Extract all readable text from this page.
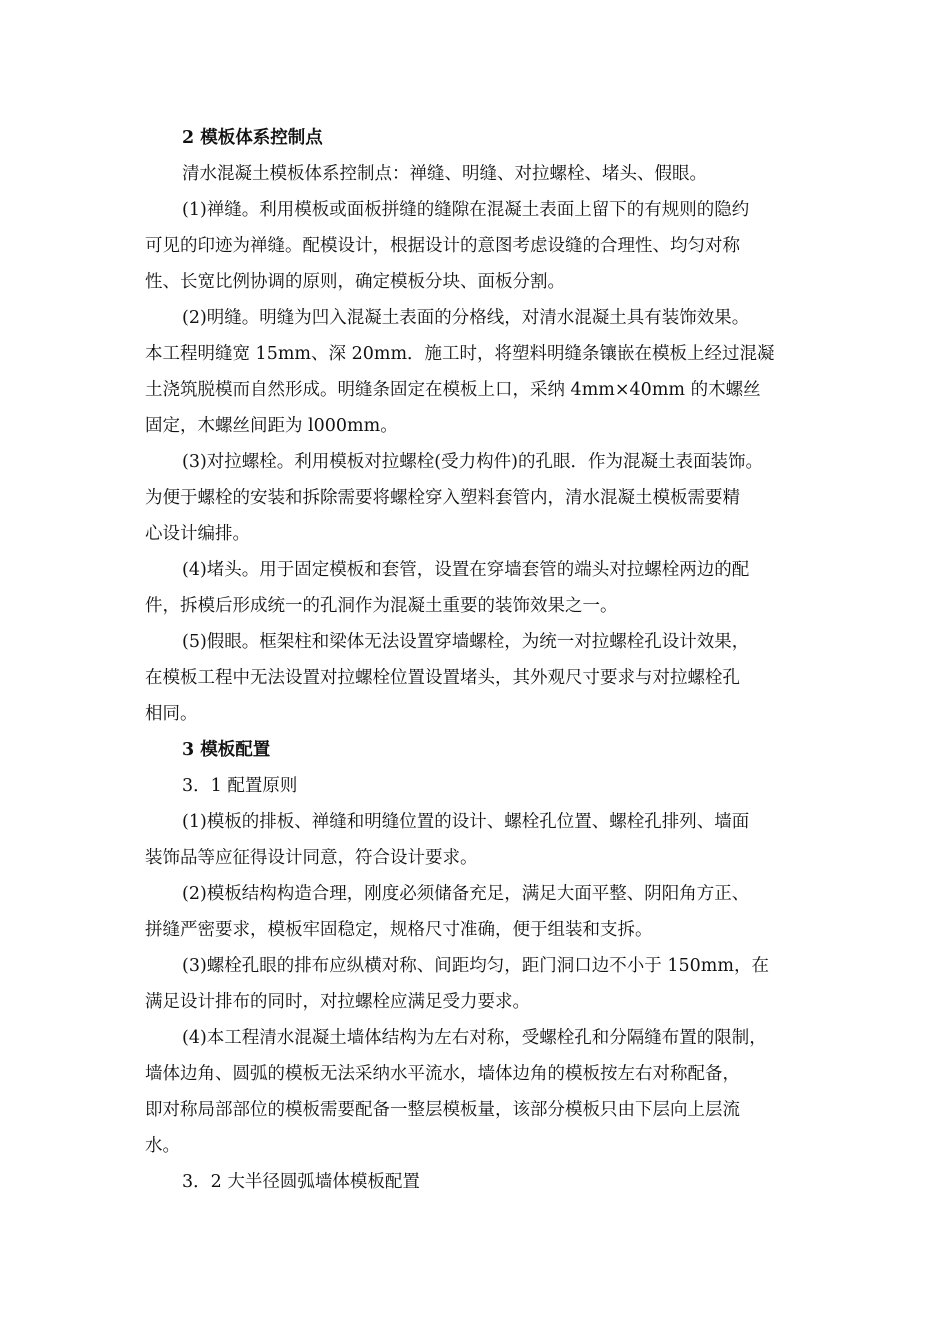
2 模板体系控制点
清水混凝土模板体系控制点：禅缝、明缝、对拉螺栓、堵头、假眼。
(1)禅缝。利用模板或面板拼缝的缝隙在混凝土表面上留下的有规则的隐约
可见的印迹为禅缝。配模设计，根据设计的意图考虑设缝的合理性、均匀对称
性、长宽比例协调的原则，确定模板分块、面板分割。
(2)明缝。明缝为凹入混凝土表面的分格线，对清水混凝土具有装饰效果。
本工程明缝宽 15mm、深 20mm．施工时，将塑料明缝条镶嵌在模板上经过混凝
土浇筑脱模而自然形成。明缝条固定在模板上口，采纳 4mm×40mm 的木螺丝
固定，木螺丝间距为 l000mm。
(3)对拉螺栓。利用模板对拉螺栓(受力构件)的孔眼．作为混凝土表面装饰。
为便于螺栓的安装和拆除需要将螺栓穿入塑料套管内，清水混凝土模板需要精
心设计编排。
(4)堵头。用于固定模板和套管，设置在穿墙套管的端头对拉螺栓两边的配
件，拆模后形成统一的孔洞作为混凝土重要的装饰效果之一。
(5)假眼。框架柱和梁体无法设置穿墙螺栓，为统一对拉螺栓孔设计效果，
在模板工程中无法设置对拉螺栓位置设置堵头，其外观尺寸要求与对拉螺栓孔
相同。
3 模板配置
3．1 配置原则
(1)模板的排板、禅缝和明缝位置的设计、螺栓孔位置、螺栓孔排列、墙面
装饰品等应征得设计同意，符合设计要求。
(2)模板结构构造合理，刚度必须储备充足，满足大面平整、阴阳角方正、
拼缝严密要求，模板牢固稳定，规格尺寸准确，便于组装和支拆。
(3)螺栓孔眼的排布应纵横对称、间距均匀，距门洞口边不小于 150mm，在
满足设计排布的同时，对拉螺栓应满足受力要求。
(4)本工程清水混凝土墙体结构为左右对称，受螺栓孔和分隔缝布置的限制，
墙体边角、圆弧的模板无法采纳水平流水，墙体边角的模板按左右对称配备，
即对称局部部位的模板需要配备一整层模板量，该部分模板只由下层向上层流
水。
3．2 大半径圆弧墙体模板配置
